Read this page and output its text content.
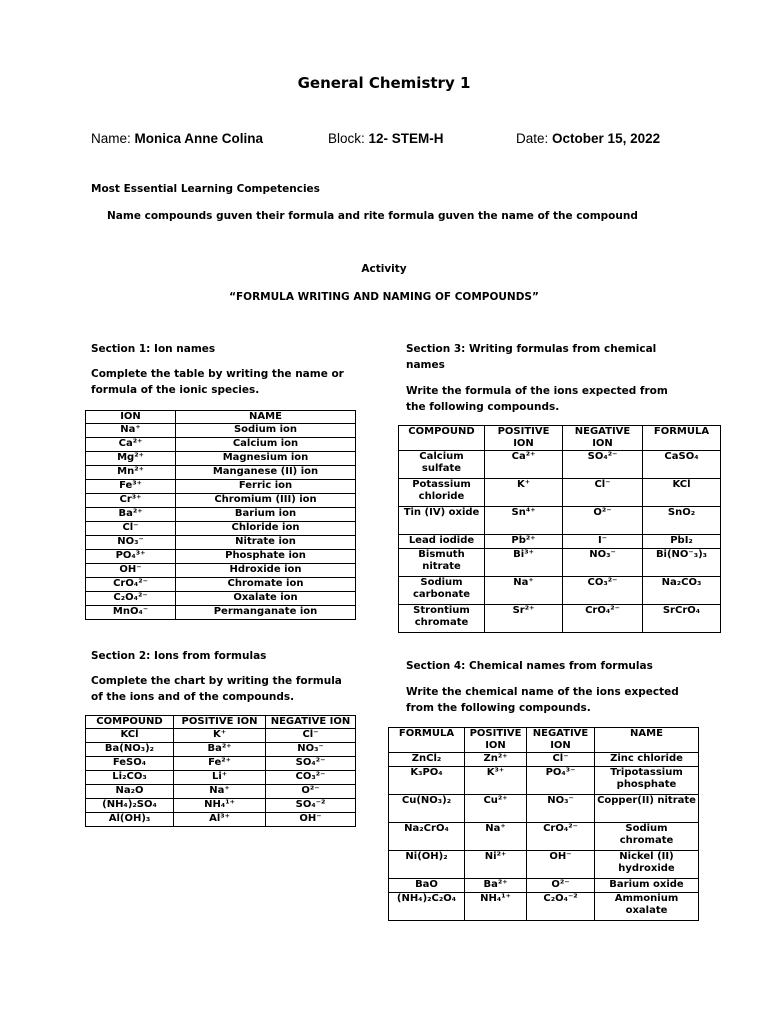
General Chemistry 1
Name: Monica Anne Colina	Block: 12- STEM-H	Date: October 15, 2022
Most Essential Learning Competencies
Name compounds guven their formula and rite formula guven the name of the compound
Activity
“FORMULA WRITING AND NAMING OF COMPOUNDS”
Section 1: Ion names
Complete the table by writing the name or formula of the ionic species.
ION	NAME
Na⁺	Sodium ion
Ca²⁺	Calcium ion
Mg²⁺	Magnesium ion
Mn²⁺	Manganese (II) ion
Fe³⁺	Ferric ion
Cr³⁺	Chromium (III) ion
Ba²⁺	Barium ion
Cl⁻	Chloride ion
NO₃⁻	Nitrate ion
PO₄³⁺	Phosphate ion
OH⁻	Hdroxide ion
CrO₄²⁻	Chromate ion
C₂O₄²⁻	Oxalate ion
MnO₄⁻	Permanganate ion
Section 2: Ions from formulas
Complete the chart by writing the formula of the ions and of the compounds.
COMPOUND	POSITIVE ION	NEGATIVE ION
KCl	K⁺	Cl⁻
Ba(NO₃)₂	Ba²⁺	NO₃⁻
FeSO₄	Fe²⁺	SO₄²⁻
Li₂CO₃	Li⁺	CO₃²⁻
Na₂O	Na⁺	O²⁻
(NH₄)₂SO₄	NH₄¹⁺	SO₄⁻²
Al(OH)₃	Al³⁺	OH⁻
Section 3: Writing formulas from chemical names
Write the formula of the ions expected from the following compounds.
COMPOUND	POSITIVE ION	NEGATIVE ION	FORMULA
Calcium sulfate	Ca²⁺	SO₄²⁻	CaSO₄
Potassium chloride	K⁺	Cl⁻	KCl
Tin (IV) oxide	Sn⁴⁺	O²⁻	SnO₂
Lead iodide	Pb²⁺	I⁻	PbI₂
Bismuth nitrate	Bi³⁺	NO₃⁻	Bi(NO⁻₃)₃
Sodium carbonate	Na⁺	CO₃²⁻	Na₂CO₃
Strontium chromate	Sr²⁺	CrO₄²⁻	SrCrO₄
Section 4: Chemical names from formulas
Write the chemical name of the ions expected from the following compounds.
FORMULA	POSITIVE ION	NEGATIVE ION	NAME
ZnCl₂	Zn²⁺	Cl⁻	Zinc chloride
K₃PO₄	K³⁺	PO₄³⁻	Tripotassium phosphate
Cu(NO₃)₂	Cu²⁺	NO₃⁻	Copper(II) nitrate
Na₂CrO₄	Na⁺	CrO₄²⁻	Sodium chromate
Ni(OH)₂	Ni²⁺	OH⁻	Nickel (II) hydroxide
BaO	Ba²⁺	O²⁻	Barium oxide
(NH₄)₂C₂O₄	NH₄¹⁺	C₂O₄⁻²	Ammonium oxalate
